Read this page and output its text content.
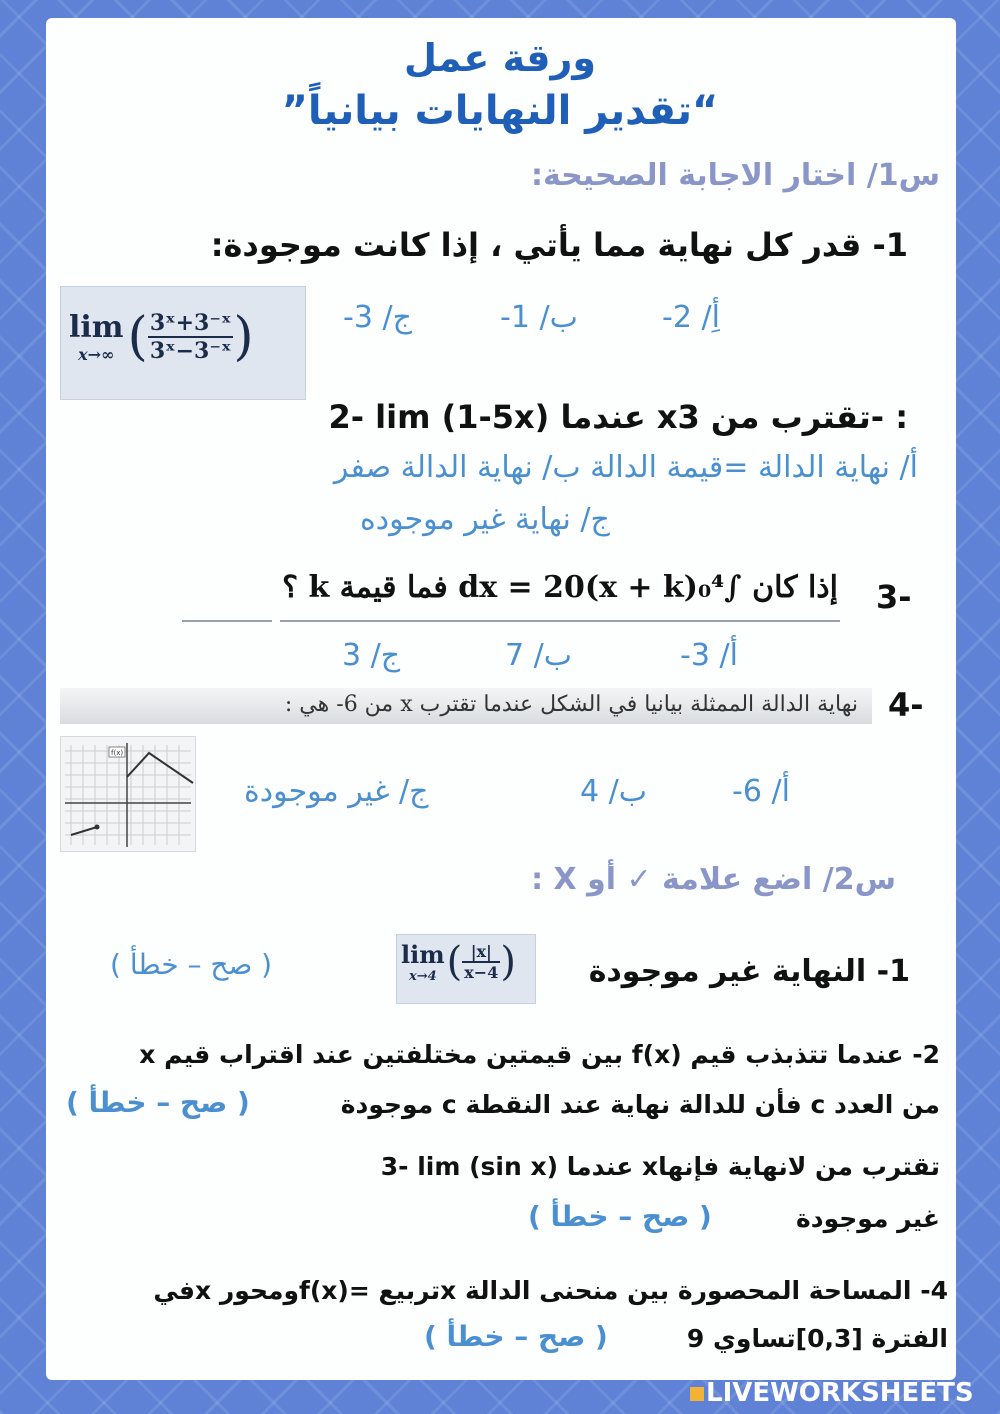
ورقة عمل
“تقدير النهايات بيانياً”
س1/ اختار الاجابة الصحيحة:
1- قدر كل نهاية مما يأتي ، إذا كانت موجودة:
lim
x→∞ ( $\frac{\text{3ˣ+3⁻ˣ}}{\text{3ˣ−3⁻ˣ}}$ )	أِ/ 2-
ب/ 1-
ج/ 3-
2- lim (1-5x) عندما xتقترب من 3- :
أ/ نهاية الدالة =قيمة الدالة ب/ نهاية الدالة صفر
ج/ نهاية غير موجوده
3-
إذا كان ∫₀⁴(x + k)dx = 20 فما قيمة k ؟
أ/ 3-
ب/ 7
ج/ 3
4-
نهاية الدالة الممثلة بيانيا في الشكل عندما تقترب x من 6- هي :
f(x)
أ/ 6-
ب/ 4
ج/ غير موجودة
س2/ اضع علامة ✓ أو X :
1- النهاية غير موجودة
lim
x→4 ( $\frac{|x|}{x-4}$ )
( صح – خطأ )
2- عندما تتذبذب قيم f(x) بين قيمتين مختلفتين عند اقتراب قيم x
من العدد c فأن للدالة نهاية عند النقطة c موجودة
( صح – خطأ )
3- lim (sin x) عندما xتقترب من لانهاية فإنها
غير موجودة
( صح – خطأ )
4- المساحة المحصورة بين منحنى الدالة xتربيع =f(x)ومحور xفي
الفترة [0,3]تساوي 9
( صح – خطأ )
LIVEWORKSHEETS
